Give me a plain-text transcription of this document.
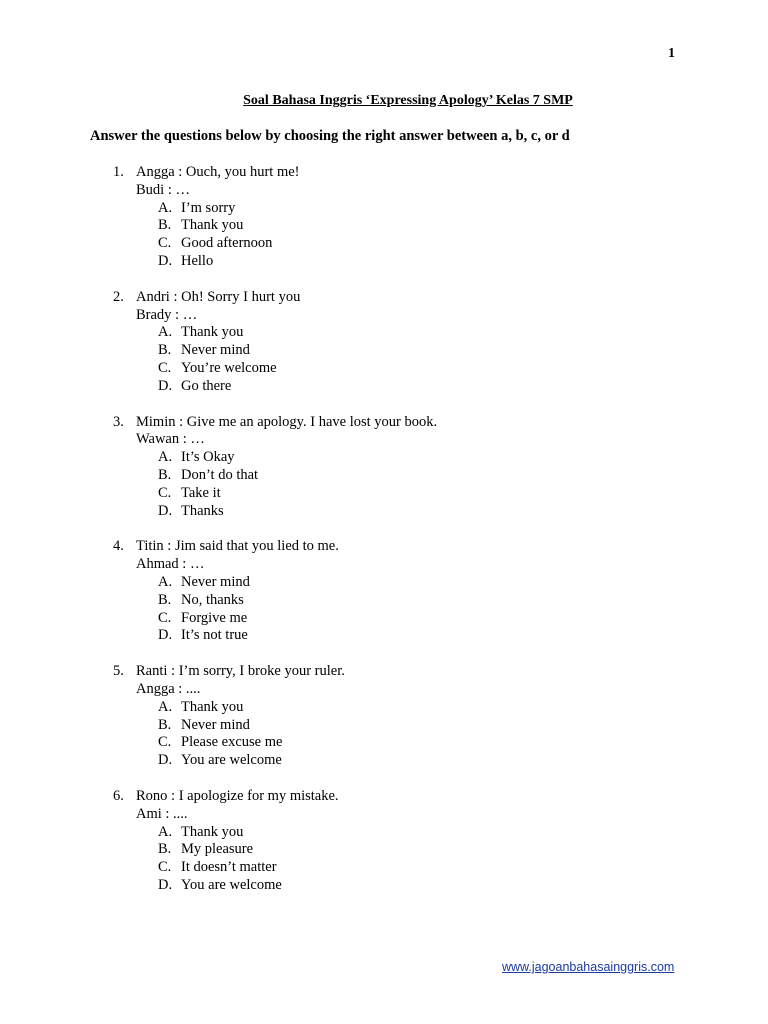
1
Soal Bahasa Inggris ‘Expressing Apology’ Kelas 7 SMP
Answer the questions below by choosing the right answer between a, b, c, or d
1. Angga : Ouch, you hurt me!
Budi : …
A. I’m sorry
B. Thank you
C. Good afternoon
D. Hello
2. Andri : Oh! Sorry I hurt you
Brady : …
A. Thank you
B. Never mind
C. You’re welcome
D. Go there
3. Mimin : Give me an apology. I have lost your book.
Wawan : …
A. It’s Okay
B. Don’t do that
C. Take it
D. Thanks
4. Titin : Jim said that you lied to me.
Ahmad : …
A. Never mind
B. No, thanks
C. Forgive me
D. It’s not true
5. Ranti : I’m sorry, I broke your ruler.
Angga : ....
A. Thank you
B. Never mind
C. Please excuse me
D. You are welcome
6. Rono : I apologize for my mistake.
Ami : ....
A. Thank you
B. My pleasure
C. It doesn’t matter
D. You are welcome
www.jagoanbahasainggris.com
